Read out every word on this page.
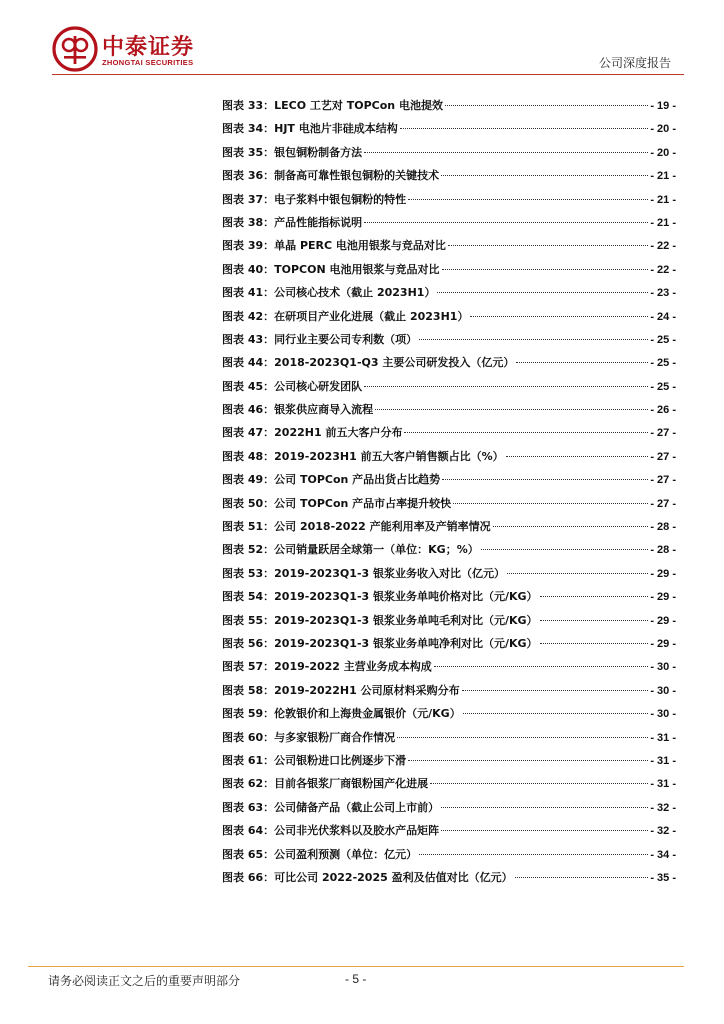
中泰证券
ZHONGTAI SECURITIES	公司深度报告
图表 33：LECO 工艺对 TOPCon 电池提效	- 19 -
图表 34：HJT 电池片非硅成本结构	- 20 -
图表 35：银包铜粉制备方法	- 20 -
图表 36：制备高可靠性银包铜粉的关键技术	- 21 -
图表 37：电子浆料中银包铜粉的特性	- 21 -
图表 38：产品性能指标说明	- 21 -
图表 39：单晶 PERC 电池用银浆与竞品对比	- 22 -
图表 40：TOPCON 电池用银浆与竞品对比	- 22 -
图表 41：公司核心技术（截止 2023H1）	- 23 -
图表 42：在研项目产业化进展（截止 2023H1）	- 24 -
图表 43：同行业主要公司专利数（项）	- 25 -
图表 44：2018-2023Q1-Q3 主要公司研发投入（亿元）	- 25 -
图表 45：公司核心研发团队	- 25 -
图表 46：银浆供应商导入流程	- 26 -
图表 47：2022H1 前五大客户分布	- 27 -
图表 48：2019-2023H1 前五大客户销售额占比（%）	- 27 -
图表 49：公司 TOPCon 产品出货占比趋势	- 27 -
图表 50：公司 TOPCon 产品市占率提升较快	- 27 -
图表 51：公司 2018-2022 产能利用率及产销率情况	- 28 -
图表 52：公司销量跃居全球第一（单位：KG；%）	- 28 -
图表 53：2019-2023Q1-3 银浆业务收入对比（亿元）	- 29 -
图表 54：2019-2023Q1-3 银浆业务单吨价格对比（元/KG）	- 29 -
图表 55：2019-2023Q1-3 银浆业务单吨毛利对比（元/KG）	- 29 -
图表 56：2019-2023Q1-3 银浆业务单吨净利对比（元/KG）	- 29 -
图表 57：2019-2022 主营业务成本构成	- 30 -
图表 58：2019-2022H1 公司原材料采购分布	- 30 -
图表 59：伦敦银价和上海贵金属银价（元/KG）	- 30 -
图表 60：与多家银粉厂商合作情况	- 31 -
图表 61：公司银粉进口比例逐步下滑	- 31 -
图表 62：目前各银浆厂商银粉国产化进展	- 31 -
图表 63：公司储备产品（截止公司上市前）	- 32 -
图表 64：公司非光伏浆料以及胶水产品矩阵	- 32 -
图表 65：公司盈利预测（单位：亿元）	- 34 -
图表 66：可比公司 2022-2025 盈利及估值对比（亿元）	- 35 -
请务必阅读正文之后的重要声明部分	- 5 -
